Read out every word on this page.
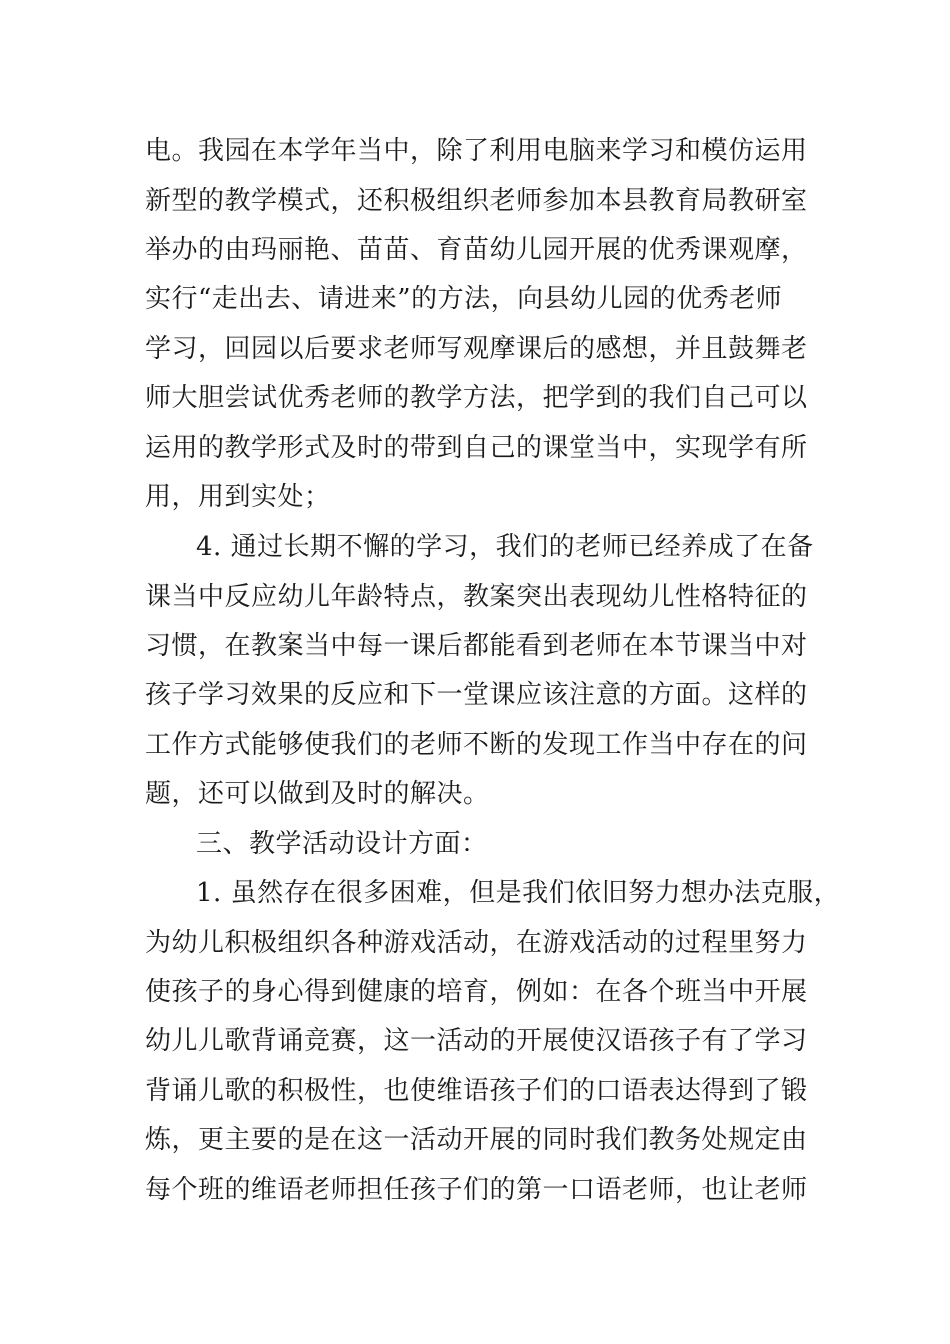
电。我园在本学年当中，除了利用电脑来学习和模仿运用
新型的教学模式，还积极组织老师参加本县教育局教研室
举办的由玛丽艳、苗苗、育苗幼儿园开展的优秀课观摩，
实行“走出去、请进来”的方法，向县幼儿园的优秀老师
学习，回园以后要求老师写观摩课后的感想，并且鼓舞老
师大胆尝试优秀老师的教学方法，把学到的我们自己可以
运用的教学形式及时的带到自己的课堂当中，实现学有所
用，用到实处；
4. 通过长期不懈的学习，我们的老师已经养成了在备
课当中反应幼儿年龄特点，教案突出表现幼儿性格特征的
习惯，在教案当中每一课后都能看到老师在本节课当中对
孩子学习效果的反应和下一堂课应该注意的方面。这样的
工作方式能够使我们的老师不断的发现工作当中存在的问
题，还可以做到及时的解决。
三、教学活动设计方面：
1. 虽然存在很多困难，但是我们依旧努力想办法克服，
为幼儿积极组织各种游戏活动，在游戏活动的过程里努力
使孩子的身心得到健康的培育，例如：在各个班当中开展
幼儿儿歌背诵竞赛，这一活动的开展使汉语孩子有了学习
背诵儿歌的积极性，也使维语孩子们的口语表达得到了锻
炼，更主要的是在这一活动开展的同时我们教务处规定由
每个班的维语老师担任孩子们的第一口语老师，也让老师
